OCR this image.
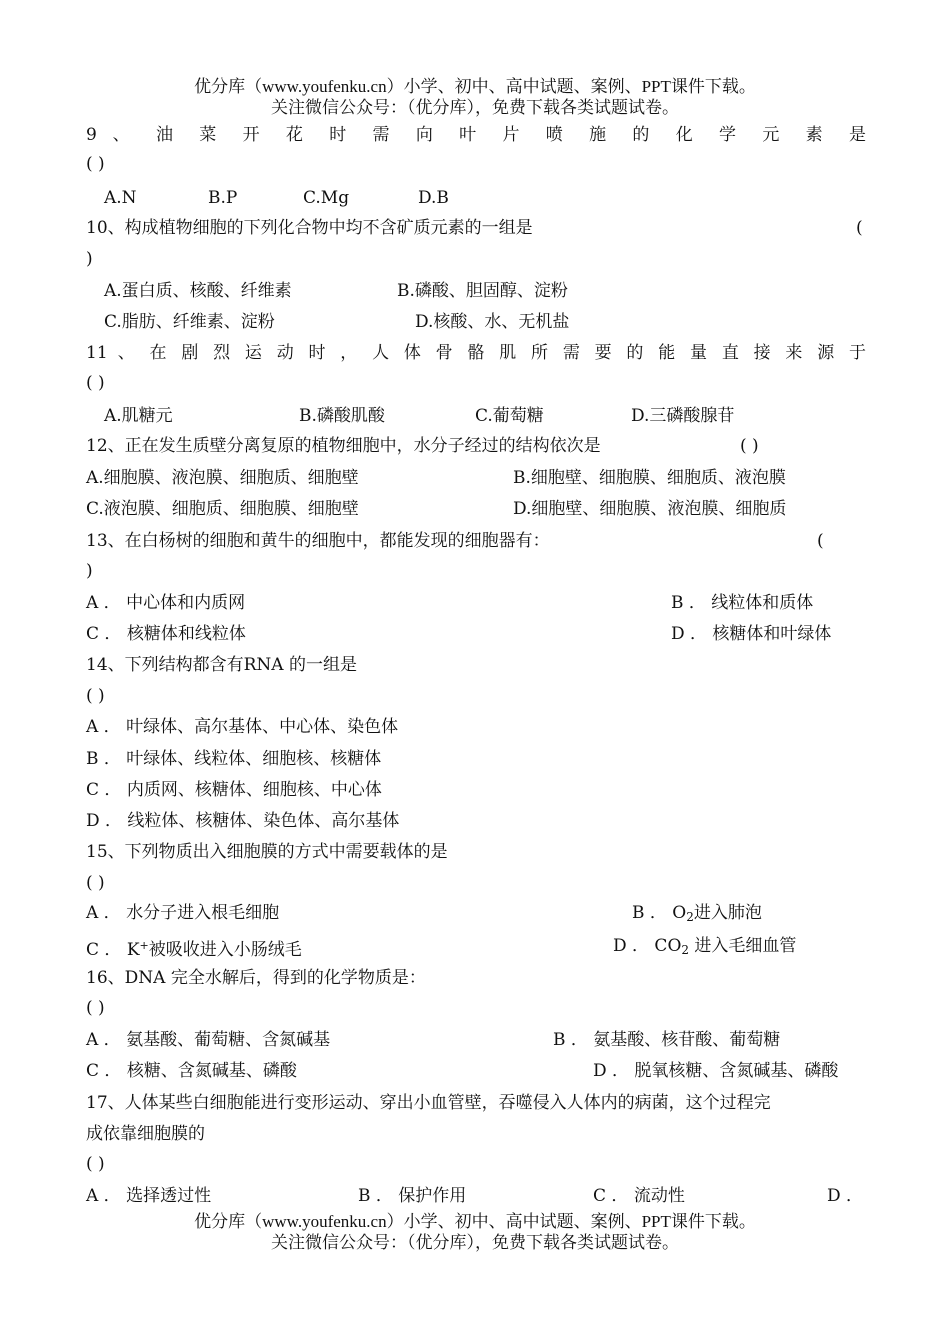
优分库（www.youfenku.cn）小学、初中、高中试题、案例、PPT课件下载。
关注微信公众号：（优分库），免费下载各类试题试卷。
9 、 油 菜 开 花 时 需 向 叶 片 喷 施 的 化 学 元 素 是
( )
A.N	B.P	C.Mg	D.B
10、构成植物细胞的下列化合物中均不含矿质元素的一组是	(
)
A.蛋白质、核酸、纤维素	B.磷酸、胆固醇、淀粉
C.脂肪、纤维素、淀粉	D.核酸、水、无机盐
11 、 在 剧 烈 运 动 时 ， 人 体 骨 骼 肌 所 需 要 的 能 量 直 接 来 源 于
( )
A.肌糖元	B.磷酸肌酸	C.葡萄糖	D.三磷酸腺苷
12、正在发生质壁分离复原的植物细胞中，水分子经过的结构依次是	( )
A.细胞膜、液泡膜、细胞质、细胞壁	B.细胞壁、细胞膜、细胞质、液泡膜
C.液泡膜、细胞质、细胞膜、细胞壁	D.细胞壁、细胞膜、液泡膜、细胞质
13、在白杨树的细胞和黄牛的细胞中，都能发现的细胞器有：	(
)
A ． 中心体和内质网	B ． 线粒体和质体
C ． 核糖体和线粒体	D ． 核糖体和叶绿体
14、下列结构都含有RNA 的一组是
( )
A ． 叶绿体、高尔基体、中心体、染色体
B ． 叶绿体、线粒体、细胞核、核糖体
C ． 内质网、核糖体、细胞核、中心体
D ． 线粒体、核糖体、染色体、高尔基体
15、下列物质出入细胞膜的方式中需要载体的是
( )
A ． 水分子进入根毛细胞	B ． $O_2$进入肺泡
C ． K+被吸收进入小肠绒毛	D ． $CO_2$ 进入毛细血管
16、DNA 完全水解后，得到的化学物质是：
( )
A ． 氨基酸、葡萄糖、含氮碱基	B ． 氨基酸、核苷酸、葡萄糖
C ． 核糖、含氮碱基、磷酸	D ． 脱氧核糖、含氮碱基、磷酸
17、人体某些白细胞能进行变形运动、穿出小血管壁，吞噬侵入人体内的病菌，这个过程完
成依靠细胞膜的
( )
A ． 选择透过性	B ． 保护作用	C ． 流动性	D ．
优分库（www.youfenku.cn）小学、初中、高中试题、案例、PPT课件下载。
关注微信公众号：（优分库），免费下载各类试题试卷。
